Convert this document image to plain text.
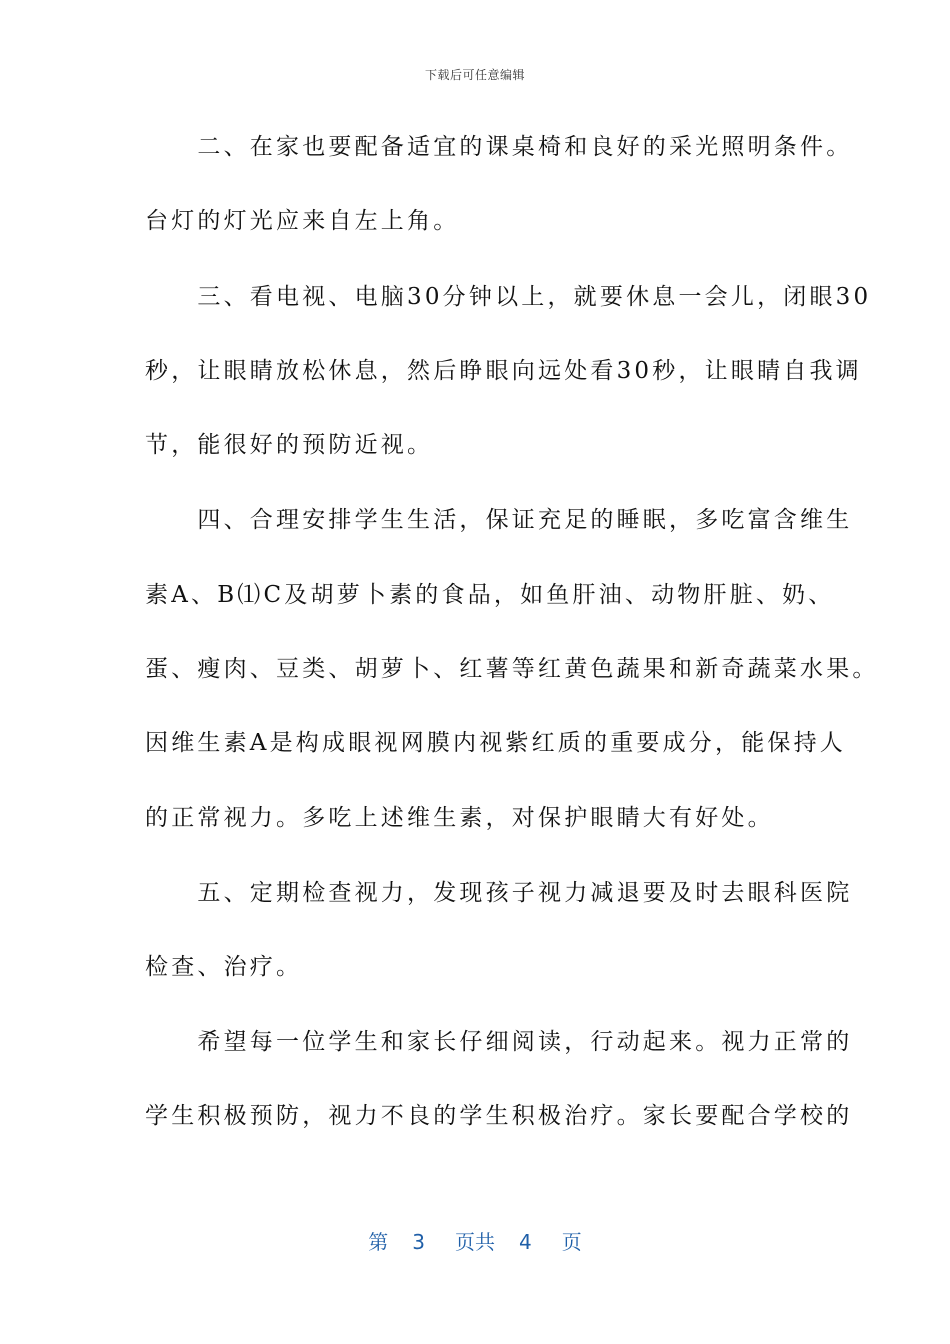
下载后可任意编辑

　　二、在家也要配备适宜的课桌椅和良好的采光照明条件。

台灯的灯光应来自左上角。

　　三、看电视、电脑30分钟以上，就要休息一会儿，闭眼30

秒，让眼睛放松休息，然后睁眼向远处看30秒，让眼睛自我调

节，能很好的预防近视。

　　四、合理安排学生生活，保证充足的睡眠，多吃富含维生

素A、B⑴C及胡萝卜素的食品，如鱼肝油、动物肝脏、奶、

蛋、瘦肉、豆类、胡萝卜、红薯等红黄色蔬果和新奇蔬菜水果。

因维生素A是构成眼视网膜内视紫红质的重要成分，能保持人

的正常视力。多吃上述维生素，对保护眼睛大有好处。

　　五、定期检查视力，发现孩子视力减退要及时去眼科医院

检查、治疗。

　　希望每一位学生和家长仔细阅读，行动起来。视力正常的

学生积极预防，视力不良的学生积极治疗。家长要配合学校的

第 3 页共 4 页
